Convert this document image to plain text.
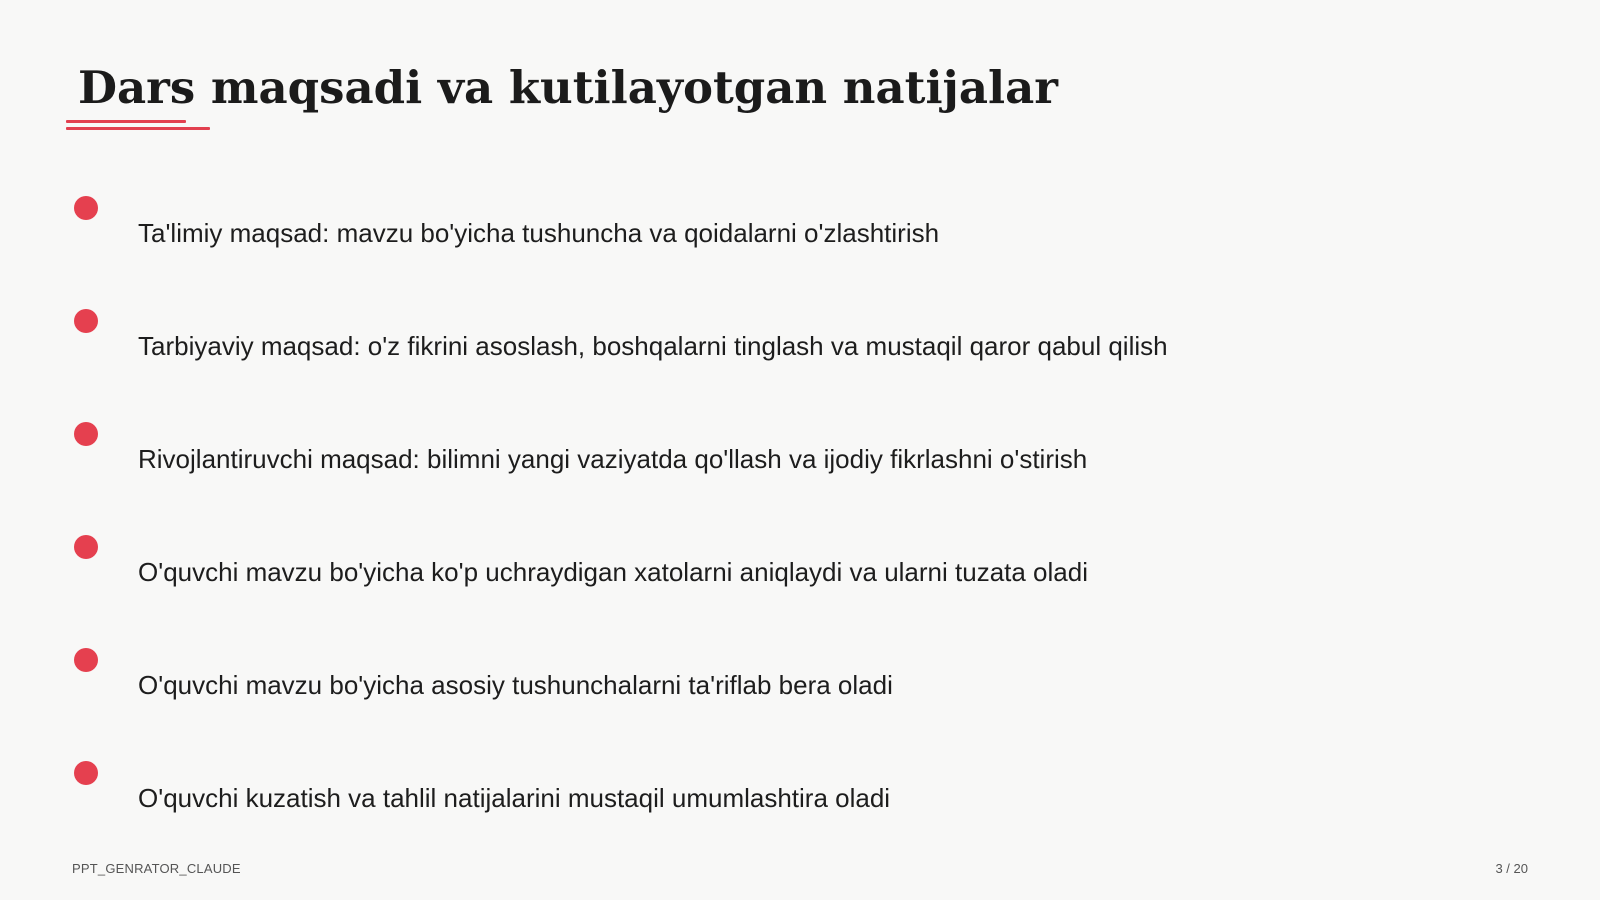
Dars maqsadi va kutilayotgan natijalar
Ta'limiy maqsad: mavzu bo'yicha tushuncha va qoidalarni o'zlashtirish
Tarbiyaviy maqsad: o'z fikrini asoslash, boshqalarni tinglash va mustaqil qaror qabul qilish
Rivojlantiruvchi maqsad: bilimni yangi vaziyatda qo'llash va ijodiy fikrlashni o'stirish
O'quvchi mavzu bo'yicha ko'p uchraydigan xatolarni aniqlaydi va ularni tuzata oladi
O'quvchi mavzu bo'yicha asosiy tushunchalarni ta'riflab bera oladi
O'quvchi kuzatish va tahlil natijalarini mustaqil umumlashtira oladi
PPT_GENRATOR_CLAUDE	3 / 20
